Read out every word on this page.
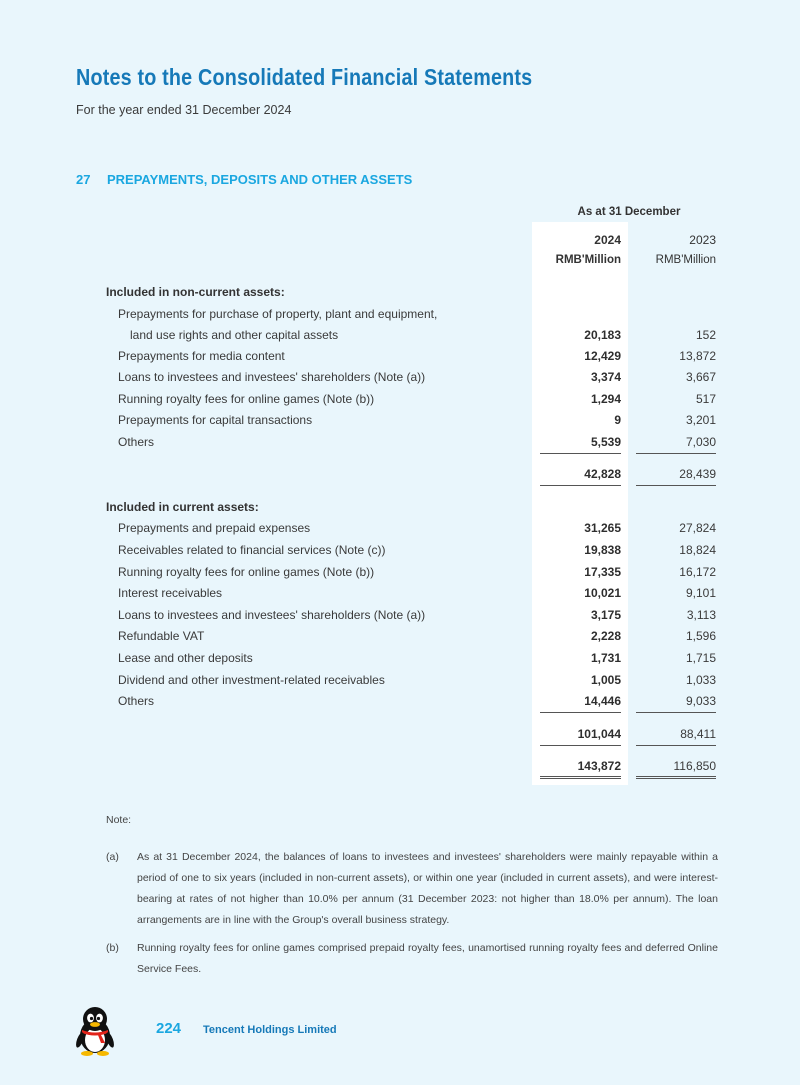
Notes to the Consolidated Financial Statements
For the year ended 31 December 2024
27 PREPAYMENTS, DEPOSITS AND OTHER ASSETS
As at 31 December
2024	2023
RMB'Million	RMB'Million
Included in non-current assets:
Prepayments for purchase of property, plant and equipment,
land use rights and other capital assets	20,183	152
Prepayments for media content	12,429	13,872
Loans to investees and investees' shareholders (Note (a))	3,374	3,667
Running royalty fees for online games (Note (b))	1,294	517
Prepayments for capital transactions	9	3,201
Others	5,539	7,030
42,828	28,439
Included in current assets:
Prepayments and prepaid expenses	31,265	27,824
Receivables related to financial services (Note (c))	19,838	18,824
Running royalty fees for online games (Note (b))	17,335	16,172
Interest receivables	10,021	9,101
Loans to investees and investees' shareholders (Note (a))	3,175	3,113
Refundable VAT	2,228	1,596
Lease and other deposits	1,731	1,715
Dividend and other investment-related receivables	1,005	1,033
Others	14,446	9,033
101,044	88,411
143,872	116,850
Note:
(a) As at 31 December 2024, the balances of loans to investees and investees' shareholders were mainly repayable within a period of one to six years (included in non-current assets), or within one year (included in current assets), and were interest-bearing at rates of not higher than 10.0% per annum (31 December 2023: not higher than 18.0% per annum). The loan arrangements are in line with the Group's overall business strategy.
(b) Running royalty fees for online games comprised prepaid royalty fees, unamortised running royalty fees and deferred Online Service Fees.
224 Tencent Holdings Limited
